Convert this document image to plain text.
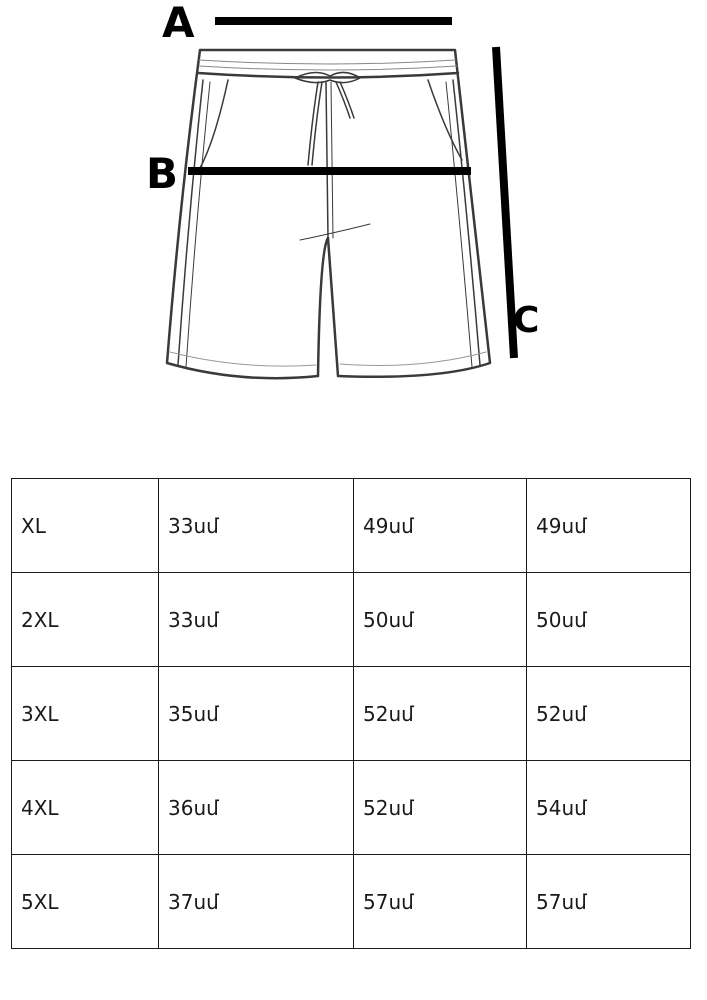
A
B
C
XL	33սմ	49սմ	49սմ
2XL	33սմ	50սմ	50սմ
3XL	35սմ	52սմ	52սմ
4XL	36սմ	52սմ	54սմ
5XL	37սմ	57սմ	57սմ
